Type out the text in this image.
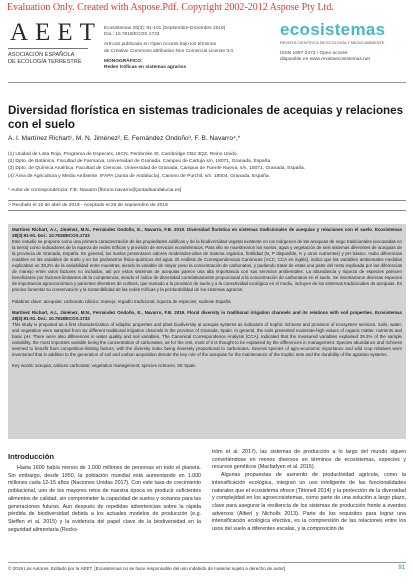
Evaluation Only. Created with Aspose.Pdf. Copyright 2002-2012 Aspose Pty Ltd.
AEET
ASOCIACIÓN ESPAÑOLA
DE ECOLOGÍA TERRESTRE
Ecosistemas 28(3): 91-101 [Septiembre-Diciembre 2019]
Doi.: 10.7818/ECOS.1733
Artículo publicado en Open Access bajo los términos
de Creative Commons attribution Non Comercial License 3.0.
MONOGRÁFICO:
Redes tróficas en sistemas agrarios
ecosistemas
REVISTA CIENTÍFICA DE ECOLOGÍA Y MEDIO AMBIENTE
ISSN 1697-2473 / Open access
disponible en www.revistaecosistemas.net
Diversidad florística en sistemas tradicionales de acequias y relaciones con el suelo
A. I. Martínez Richart¹, M. N. Jiménez², E. Fernández Ondoño³, F. B. Navarro⁴,*
(1) Unidad de Lista Roja. Programa de Especies, UICN. Pembroke St. Cambridge CB2 3QZ, Reino Unido.
(2) Dpto. de Botánica. Facultad de Farmacia, Universidad de Granada. Campus de Cartuja s/n, 18071, Granada, España.
(3) Dpto. de Química Analítica. Facultad de Ciencias. Universidad de Granada, Campus de Fuente Nueva, s/n, 18071, Granada, España.
(4) Área de Agricultura y Medio Ambiente. IFAPA (Junta de Andalucía), Camino de Purchil, s/n. 18004, Granada, España.
* Autor de correspondencia: F.B. Navarro [fbruno.navarro@juntadeandalucia.es]
> Recibido el 15 de abril de 2019 - Aceptado el 26 de septiembre de 2019

Martínez Richart, A.I., Jiménez, M.N., Fernández Ondoño, E., Navarro, F.B. 2019. Diversidad florística en sistemas tradicionales de acequias y relaciones con el suelo. Ecosistemas 28(3):91-91. Doi.: 10.7818/ECOS.1733

Este estudio se propone como una primera caracterización de las propiedades edáficas y de la biodiversidad vegetal existente en los márgenes de las acequias de riego tradicionales (excavadas en la tierra) como indicadores de la riqueza de redes tróficas y provisión de servicios ecosistémicos. Para ello se muestrearon los suelos, agua y vegetación de seis sistemas diferentes de acequias de la provincia de Granada, España. En general, los suelos presentaron valores moderados-altos de materia orgánica, fertilidad (N, P disponible, K y otros nutrientes) y pH básico. Hubo diferencias notables en las variables de suelo y en los parámetros físico-químicos del agua. El Análisis de Correspondencias Canónicas (ACC, CCA en inglés), indicó que las variables ambientales medidas explicaban un 39,2% de la variabilidad entre muestras, siendo la variable de mayor peso la concentración de carbonatos, y pudiendo tratar de estas una parte del resto explicada por las diferencias de manejo entre otros factores no incluidos, así por estos sistemas de acequias parece una alta importancia con sus servicios ambientales. La abundancia y riqueza de especies parecen beneficiarse por factores limitantes de la competencia, siendo el índice de diversidad correlativamente proporcional a la concentración de carbonatos en el suelo. Se inventariaron diversas especies de importancia agroeconómica y parientes silvestres de cultivos, que sumado a la provisión de suelo y a la conectividad ecológica en el medio, incluyen de los sistemas tradicionales de acequias. Es preciso fomentar su conservación y la sostenibilidad de las redes tróficas y la perdurabilidad de los sistemas agrarios.

Palabras clave: acequias; carbonato cálcico; manejo; regadío tradicional; riqueza de especies; sudeste España

Martínez Richart, A.I., Jiménez, M.N., Fernández Ondoño, E., Navarro, F.B. 2019. Floral diversity in traditional irrigation channels and its relations with soil properties. Ecosistemas 28(3):91-91. Doi.: 10.7818/ECOS.1733

This study is proposed as a first characterization of edaphic properties and plant biodiversity at acequia systems as indicators of trophic richness and provision of ecosystem services. Soils, water, and vegetation were sampled from six different traditional irrigation channels in the province of Granada, Spain. In general, the soils presented moderate-high values of organic matter, nutrients and basic pH. There were also differences in water quality and soil variables. The Canonical Correspondence Analysis (CCA), indicated that the measured variables explained 39.2% of the sample variability, the most important variable being the concentration of carbonates, as for the rest, most of it is thought to be explained by the differences in management. Species abundance and richness seemed to benefit from competition-limiting factors, with the diversity index being inversely proportional to carbonates. Several species of agro-economic importance and wild crop relatives were inventoried that in addition to the generation of soil and carbon acquisition denote the key role of the acequias for the maintenance of the trophic nets and the durability of the agrarian systems.

Key words: acequia; calcium carbonate; vegetation management; species richness; SE Spain

Introducción

Hasta 1600 había menos de 1.000 millones de personas en todo el planeta. Sin embargo, desde 1950, la población mundial está aumentando en 1.000 millones cada 12-15 años (Naciones Unidas 2017). Con este tasa de crecimiento poblacional, uno de los mayores retos de nuestra época es producir suficientes alimentos de calidad, sin comprometer la capacidad de suelos y océanos para las generaciones futuras. Aun después de repetidas advertencias sobre la rápida pérdida de biodiversidad debida a los actuales modelos de producción (e.g. Steffen et al. 2015) y la evidencia del papel clave de la biodiversidad en la seguridad alimentaria (Rocks-

tröm et al. 2017), las sistemas de producción a lo largo del mundo siguen convirtiéndose en menos diversos en términos de ecosistemas, especies y recursos genéticos (Macfadyen et al. 2015).

Algunas propuestas de aumento de productividad agrícola, como la intensificación ecológica, integran un uso inteligente de las funcionalidades naturales que el ecosistema ofrece (Tittonell 2014) y la protección de la diversidad y complejidad en los agroecosistemas, como parte de una solución a largo plazo, clave para asegurar la resiliencia de los sistemas de producción frente a eventos adversos (Altieri y Nicholls 2013). Parte de los requisitos para lograr una intensificación ecológica efectiva, es la comprensión de las relaciones entre los usos del suelo a diferentes escalas, y la composición de

© 2019 Los Autores. Editado por la AEET. [Ecosistemas no se hace responsable del uso indebido de material sujeto a derecho de autor]	91
